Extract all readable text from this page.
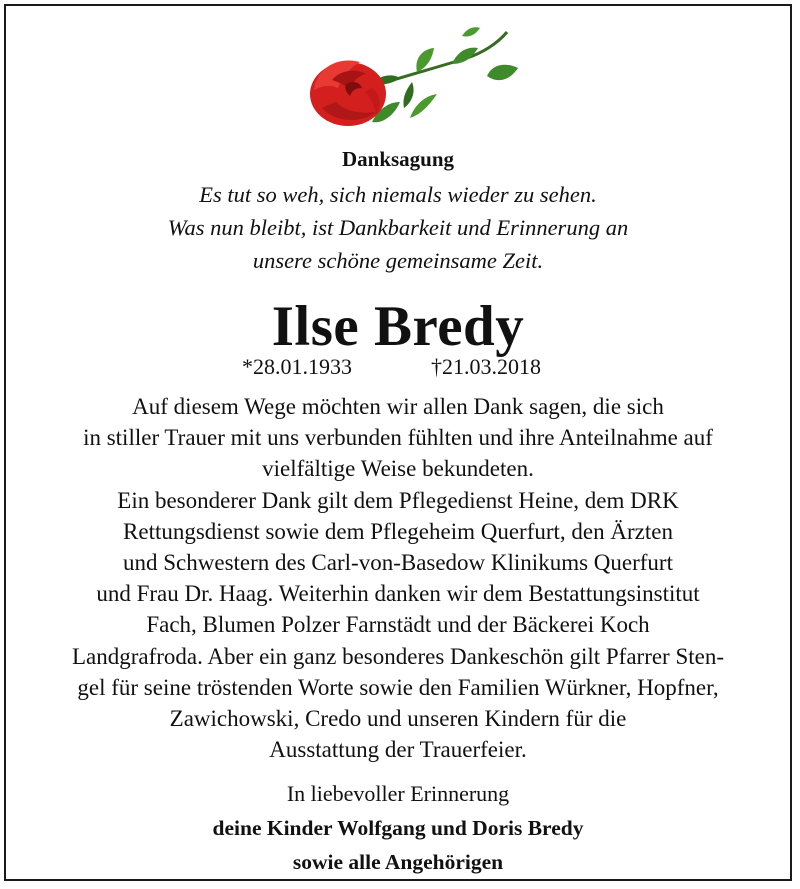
Danksagung
Es tut so weh, sich niemals wieder zu sehen.
Was nun bleibt, ist Dankbarkeit und Erinnerung an
unsere schöne gemeinsame Zeit.
Ilse Bredy
*28.01.1933	†21.03.2018
Auf diesem Wege möchten wir allen Dank sagen, die sich
in stiller Trauer mit uns verbunden fühlten und ihre Anteilnahme auf
vielfältige Weise bekundeten.
Ein besonderer Dank gilt dem Pflegedienst Heine, dem DRK
Rettungsdienst sowie dem Pflegeheim Querfurt, den Ärzten
und Schwestern des Carl-von-Basedow Klinikums Querfurt
und Frau Dr. Haag. Weiterhin danken wir dem Bestattungsinstitut
Fach, Blumen Polzer Farnstädt und der Bäckerei Koch
Landgrafroda. Aber ein ganz besonderes Dankeschön gilt Pfarrer Sten-
gel für seine tröstenden Worte sowie den Familien Würkner, Hopfner,
Zawichowski, Credo und unseren Kindern für die
Ausstattung der Trauerfeier.
In liebevoller Erinnerung
deine Kinder Wolfgang und Doris Bredy
sowie alle Angehörigen
